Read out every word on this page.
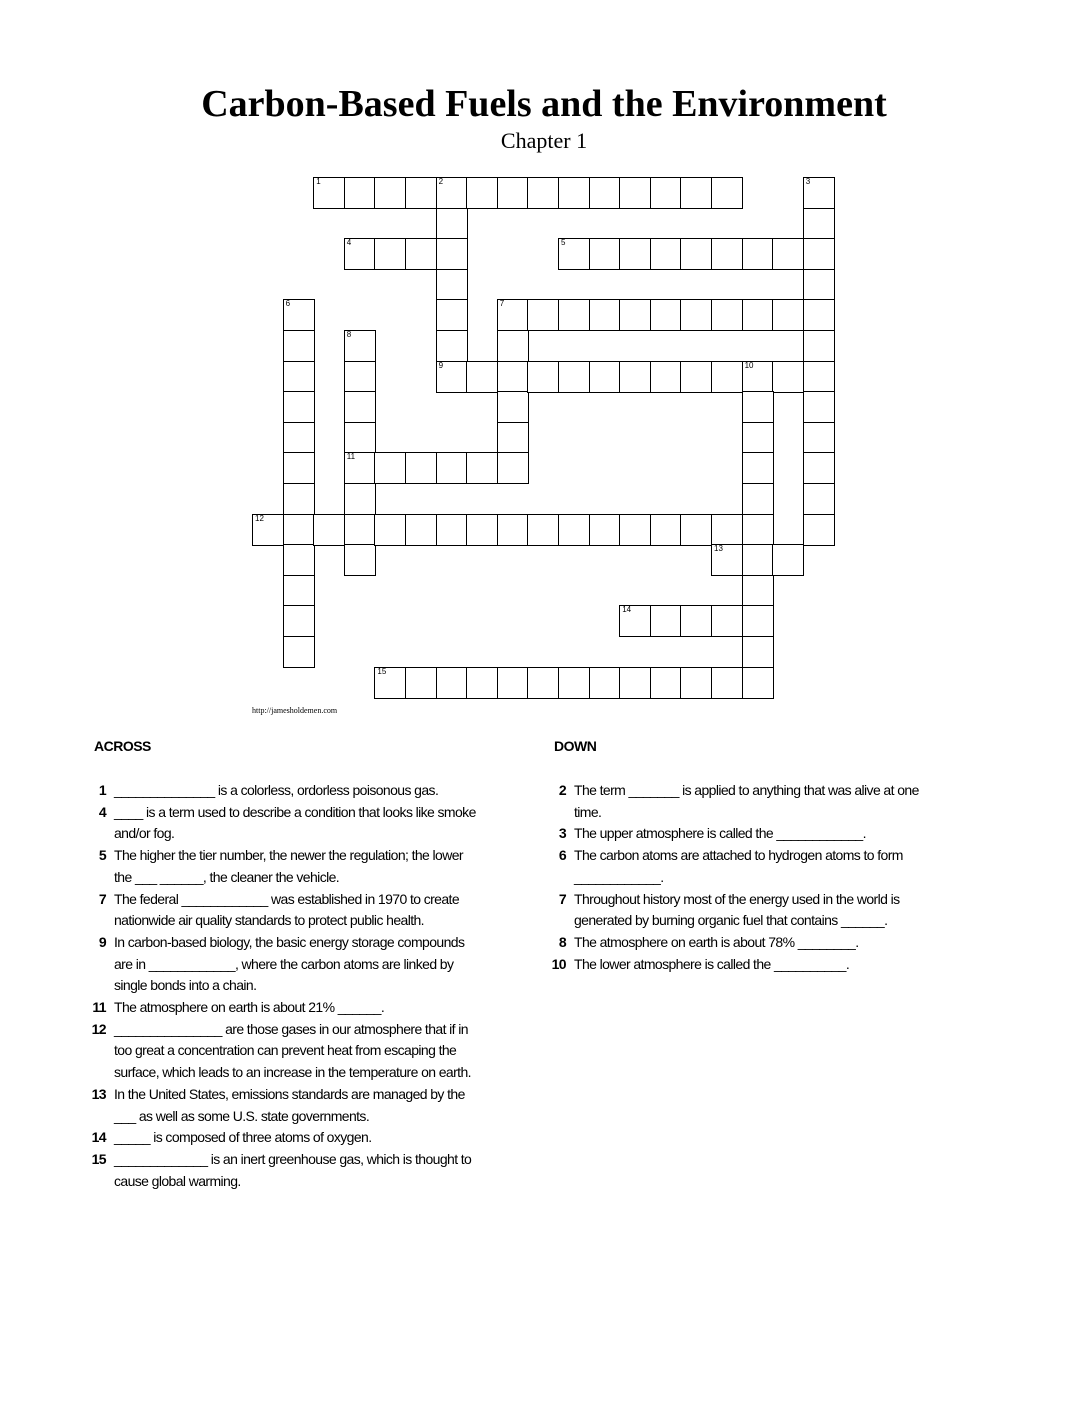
Carbon-Based Fuels and the Environment
Chapter 1
1	2
9
3
4	5
6	7
8
11
10
12
13
14
15
http://jamesholdemen.com
ACROSS	DOWN
1 ______________ is a colorless, ordorless poisonous gas.
4 ____ is a term used to describe a condition that looks like smoke and/or fog.
5 The higher the tier number, the newer the regulation; the lower the ___ ______, the cleaner the vehicle.
7 The federal ____________ was established in 1970 to create nationwide air quality standards to protect public health.
9 In carbon-based biology, the basic energy storage compounds are in ____________, where the carbon atoms are linked by single bonds into a chain.
11 The atmosphere on earth is about 21% ______.
12 _______________ are those gases in our atmosphere that if in too great a concentration can prevent heat from escaping the surface, which leads to an increase in the temperature on earth.
13 In the United States, emissions standards are managed by the ___ as well as some U.S. state governments.
14 _____ is composed of three atoms of oxygen.
15 _____________ is an inert greenhouse gas, which is thought to cause global warming.
2 The term _______ is applied to anything that was alive at one time.
3 The upper atmosphere is called the ____________.
6 The carbon atoms are attached to hydrogen atoms to form ____________.
7 Throughout history most of the energy used in the world is generated by burning organic fuel that contains ______.
8 The atmosphere on earth is about 78% ________.
10 The lower atmosphere is called the __________.
